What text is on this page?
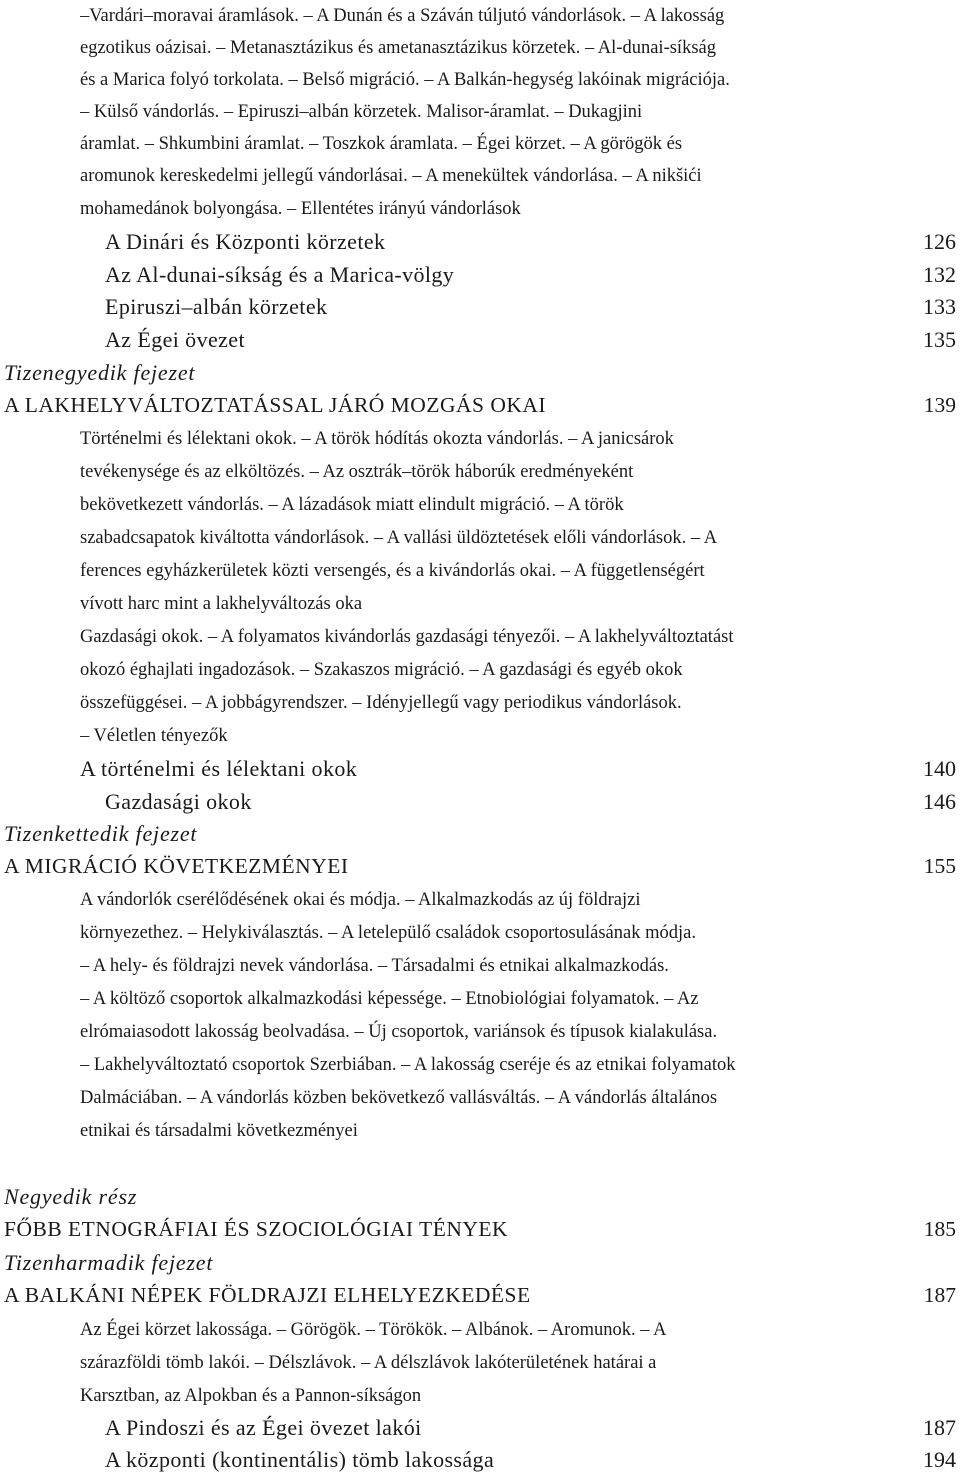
–Vardári–moravai áramlások. – A Dunán és a Száván túljutó vándorlások. – A lakosság
egzotikus oázisai. – Metanasztázikus és ametanasztázikus körzetek. – Al-dunai-síkság
és a Marica folyó torkolata. – Belső migráció. – A Balkán-hegység lakóinak migrációja.
– Külső vándorlás. – Epiruszi–albán körzetek. Malisor-áramlat. – Dukagjini
áramlat. – Shkumbini áramlat. – Toszkok áramlata. – Égei körzet. – A görögök és
aromunok kereskedelmi jellegű vándorlásai. – A menekültek vándorlása. – A nikšići
mohamedánok bolyongása. – Ellentétes irányú vándorlások
A Dinári és Központi körzetek	126
Az Al-dunai-síkság és a Marica-völgy	132
Epiruszi–albán körzetek	133
Az Égei övezet	135
Tizenegyedik fejezet
A LAKHELYVÁLTOZTATÁSSAL JÁRÓ MOZGÁS OKAI	139
Történelmi és lélektani okok. – A török hódítás okozta vándorlás. – A janicsárok
tevékenysége és az elköltözés. – Az osztrák–török háborúk eredményeként
bekövetkezett vándorlás. – A lázadások miatt elindult migráció. – A török
szabadcsapatok kiváltotta vándorlások. – A vallási üldöztetések előli vándorlások. – A
ferences egyházkerületek közti versengés, és a kivándorlás okai. – A függetlenségért
vívott harc mint a lakhelyváltozás oka
Gazdasági okok. – A folyamatos kivándorlás gazdasági tényezői. – A lakhelyváltoztatást
okozó éghajlati ingadozások. – Szakaszos migráció. – A gazdasági és egyéb okok
összefüggései. – A jobbágyrendszer. – Idényjellegű vagy periodikus vándorlások.
– Véletlen tényezők
A történelmi és lélektani okok	140
Gazdasági okok	146
Tizenkettedik fejezet
A MIGRÁCIÓ KÖVETKEZMÉNYEI	155
A vándorlók cserélődésének okai és módja. – Alkalmazkodás az új földrajzi
környezethez. – Helykiválasztás. – A letelepülő családok csoportosulásának módja.
– A hely- és földrajzi nevek vándorlása. – Társadalmi és etnikai alkalmazkodás.
– A költöző csoportok alkalmazkodási képessége. – Etnobiológiai folyamatok. – Az
elrómaiasodott lakosság beolvadása. – Új csoportok, variánsok és típusok kialakulása.
– Lakhelyváltoztató csoportok Szerbiában. – A lakosság cseréje és az etnikai folyamatok
Dalmáciában. – A vándorlás közben bekövetkező vallásváltás. – A vándorlás általános
etnikai és társadalmi következményei
Negyedik rész
FŐBB ETNOGRÁFIAI ÉS SZOCIOLÓGIAI TÉNYEK	185
Tizenharmadik fejezet
A BALKÁNI NÉPEK FÖLDRAJZI ELHELYEZKEDÉSE	187
Az Égei körzet lakossága. – Görögök. – Törökök. – Albánok. – Aromunok. – A
szárazföldi tömb lakói. – Délszlávok. – A délszlávok lakóterületének határai a
Karsztban, az Alpokban és a Pannon-síkságon
A Pindoszi és az Égei övezet lakói	187
A központi (kontinentális) tömb lakossága	194
